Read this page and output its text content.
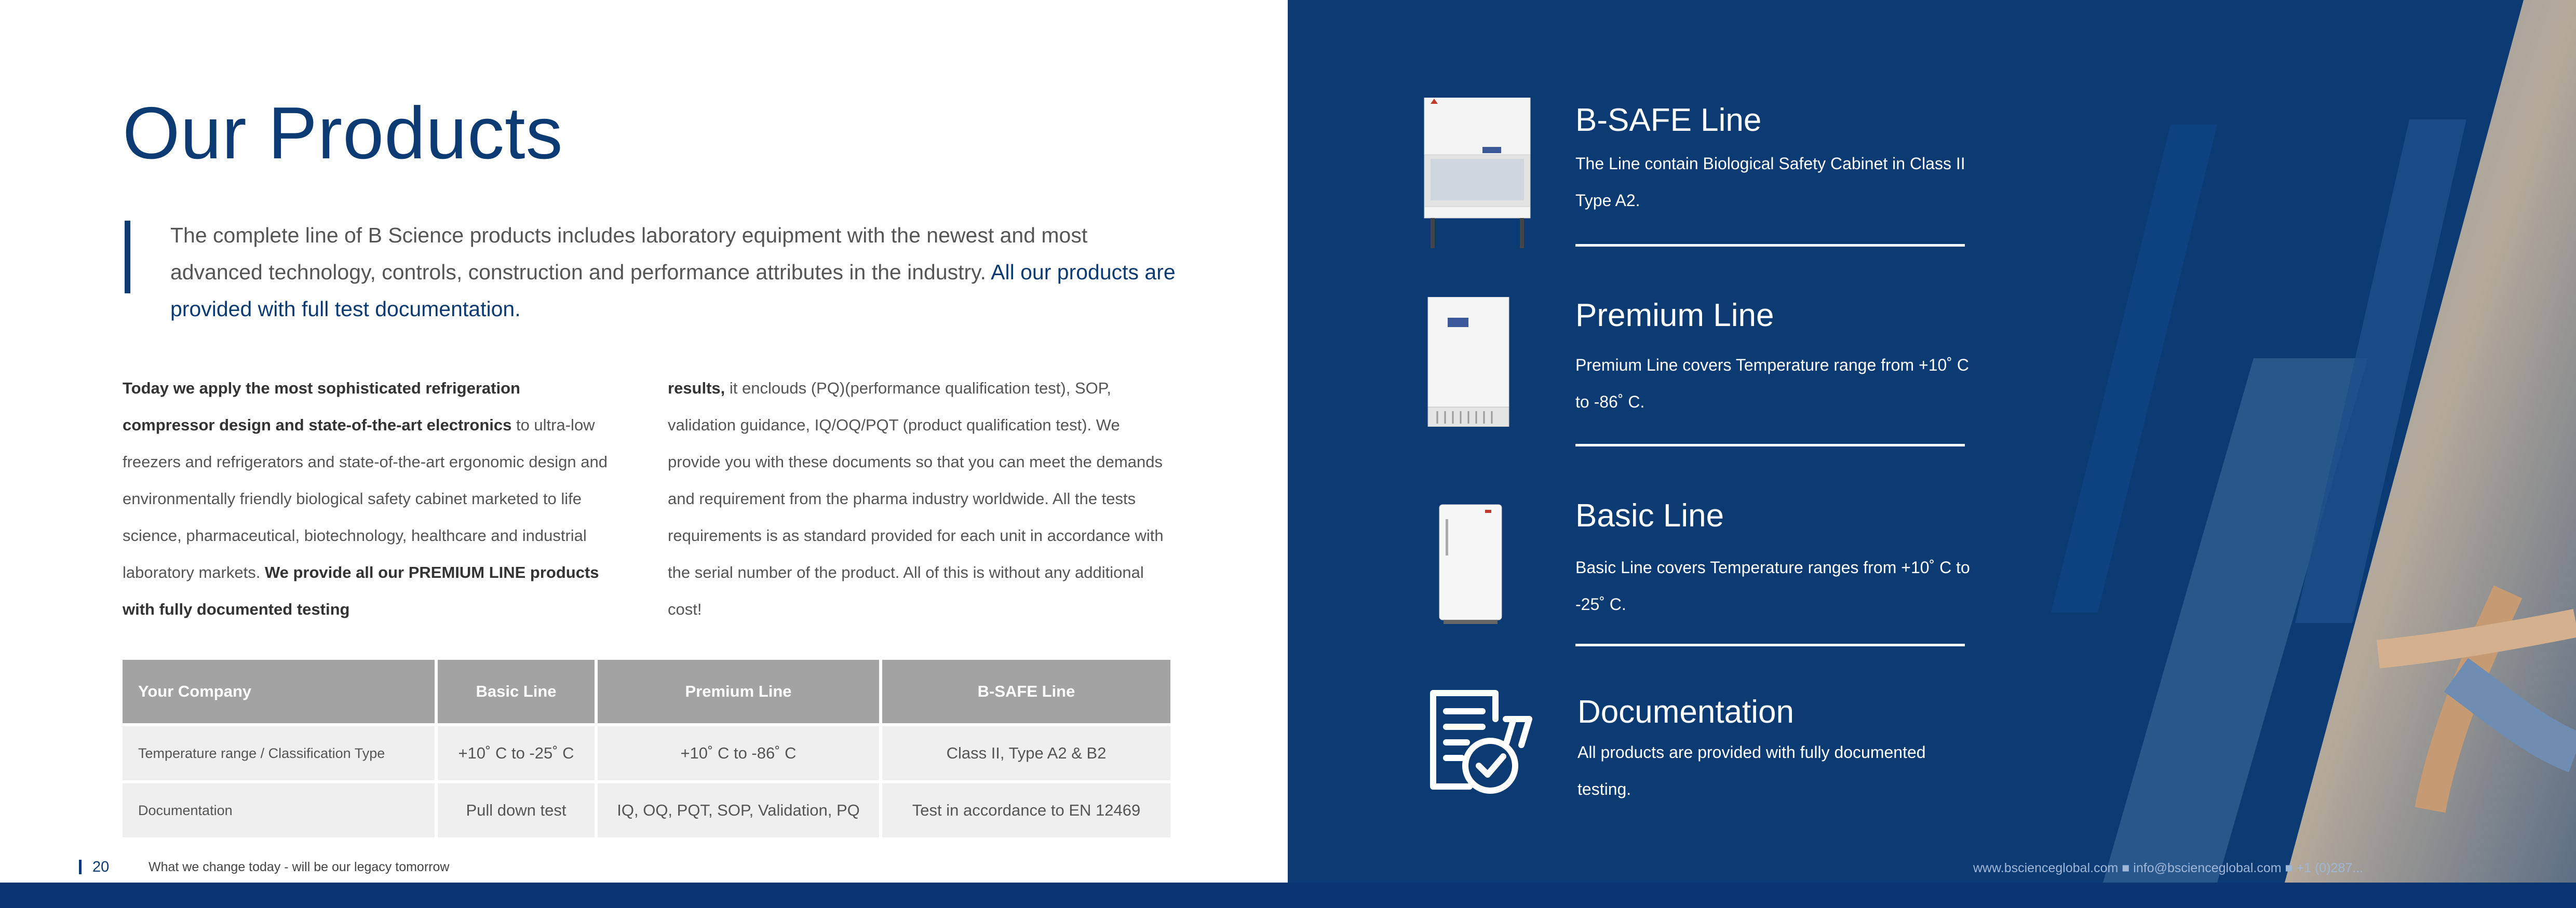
Our Products
The complete line of B Science products includes laboratory equipment with the newest and most advanced technology, controls, construction and performance attributes in the industry. All our products are provided with full test documentation.
Today we apply the most sophisticated refrigeration compressor design and state-of-the-art electronics to ultra-low freezers and refrigerators and state-of-the-art ergonomic design and environmentally friendly biological safety cabinet marketed to life science, pharmaceutical, biotechnology, healthcare and industrial laboratory markets. We provide all our PREMIUM LINE products with fully documented testing
results, it enclouds (PQ)(performance qualification test), SOP, validation guidance, IQ/OQ/PQT (product qualification test). We provide you with these documents so that you can meet the demands and requirement from the pharma industry worldwide. All the tests requirements is as standard provided for each unit in accordance with the serial number of the product. All of this is without any additional cost!
Your Company	Basic Line	Premium Line	B-SAFE Line
Temperature range / Classification Type	+10˚ C to -25˚ C	+10˚ C to -86˚ C	Class II, Type A2 & B2
Documentation	Pull down test	IQ, OQ, PQT, SOP, Validation, PQ	Test in accordance to EN 12469
20	What we change today - will be our legacy tomorrow
B-SAFE Line
The Line contain Biological Safety Cabinet in Class II Type A2.
Premium Line
Premium Line covers Temperature range from +10˚ C to -86˚ C.
Basic Line
Basic Line covers Temperature ranges from +10˚ C to -25˚ C.
Documentation
All products are provided with fully documented testing.
www.bscienceglobal.com ■ info@bscienceglobal.com ■ +1 (0)287...
